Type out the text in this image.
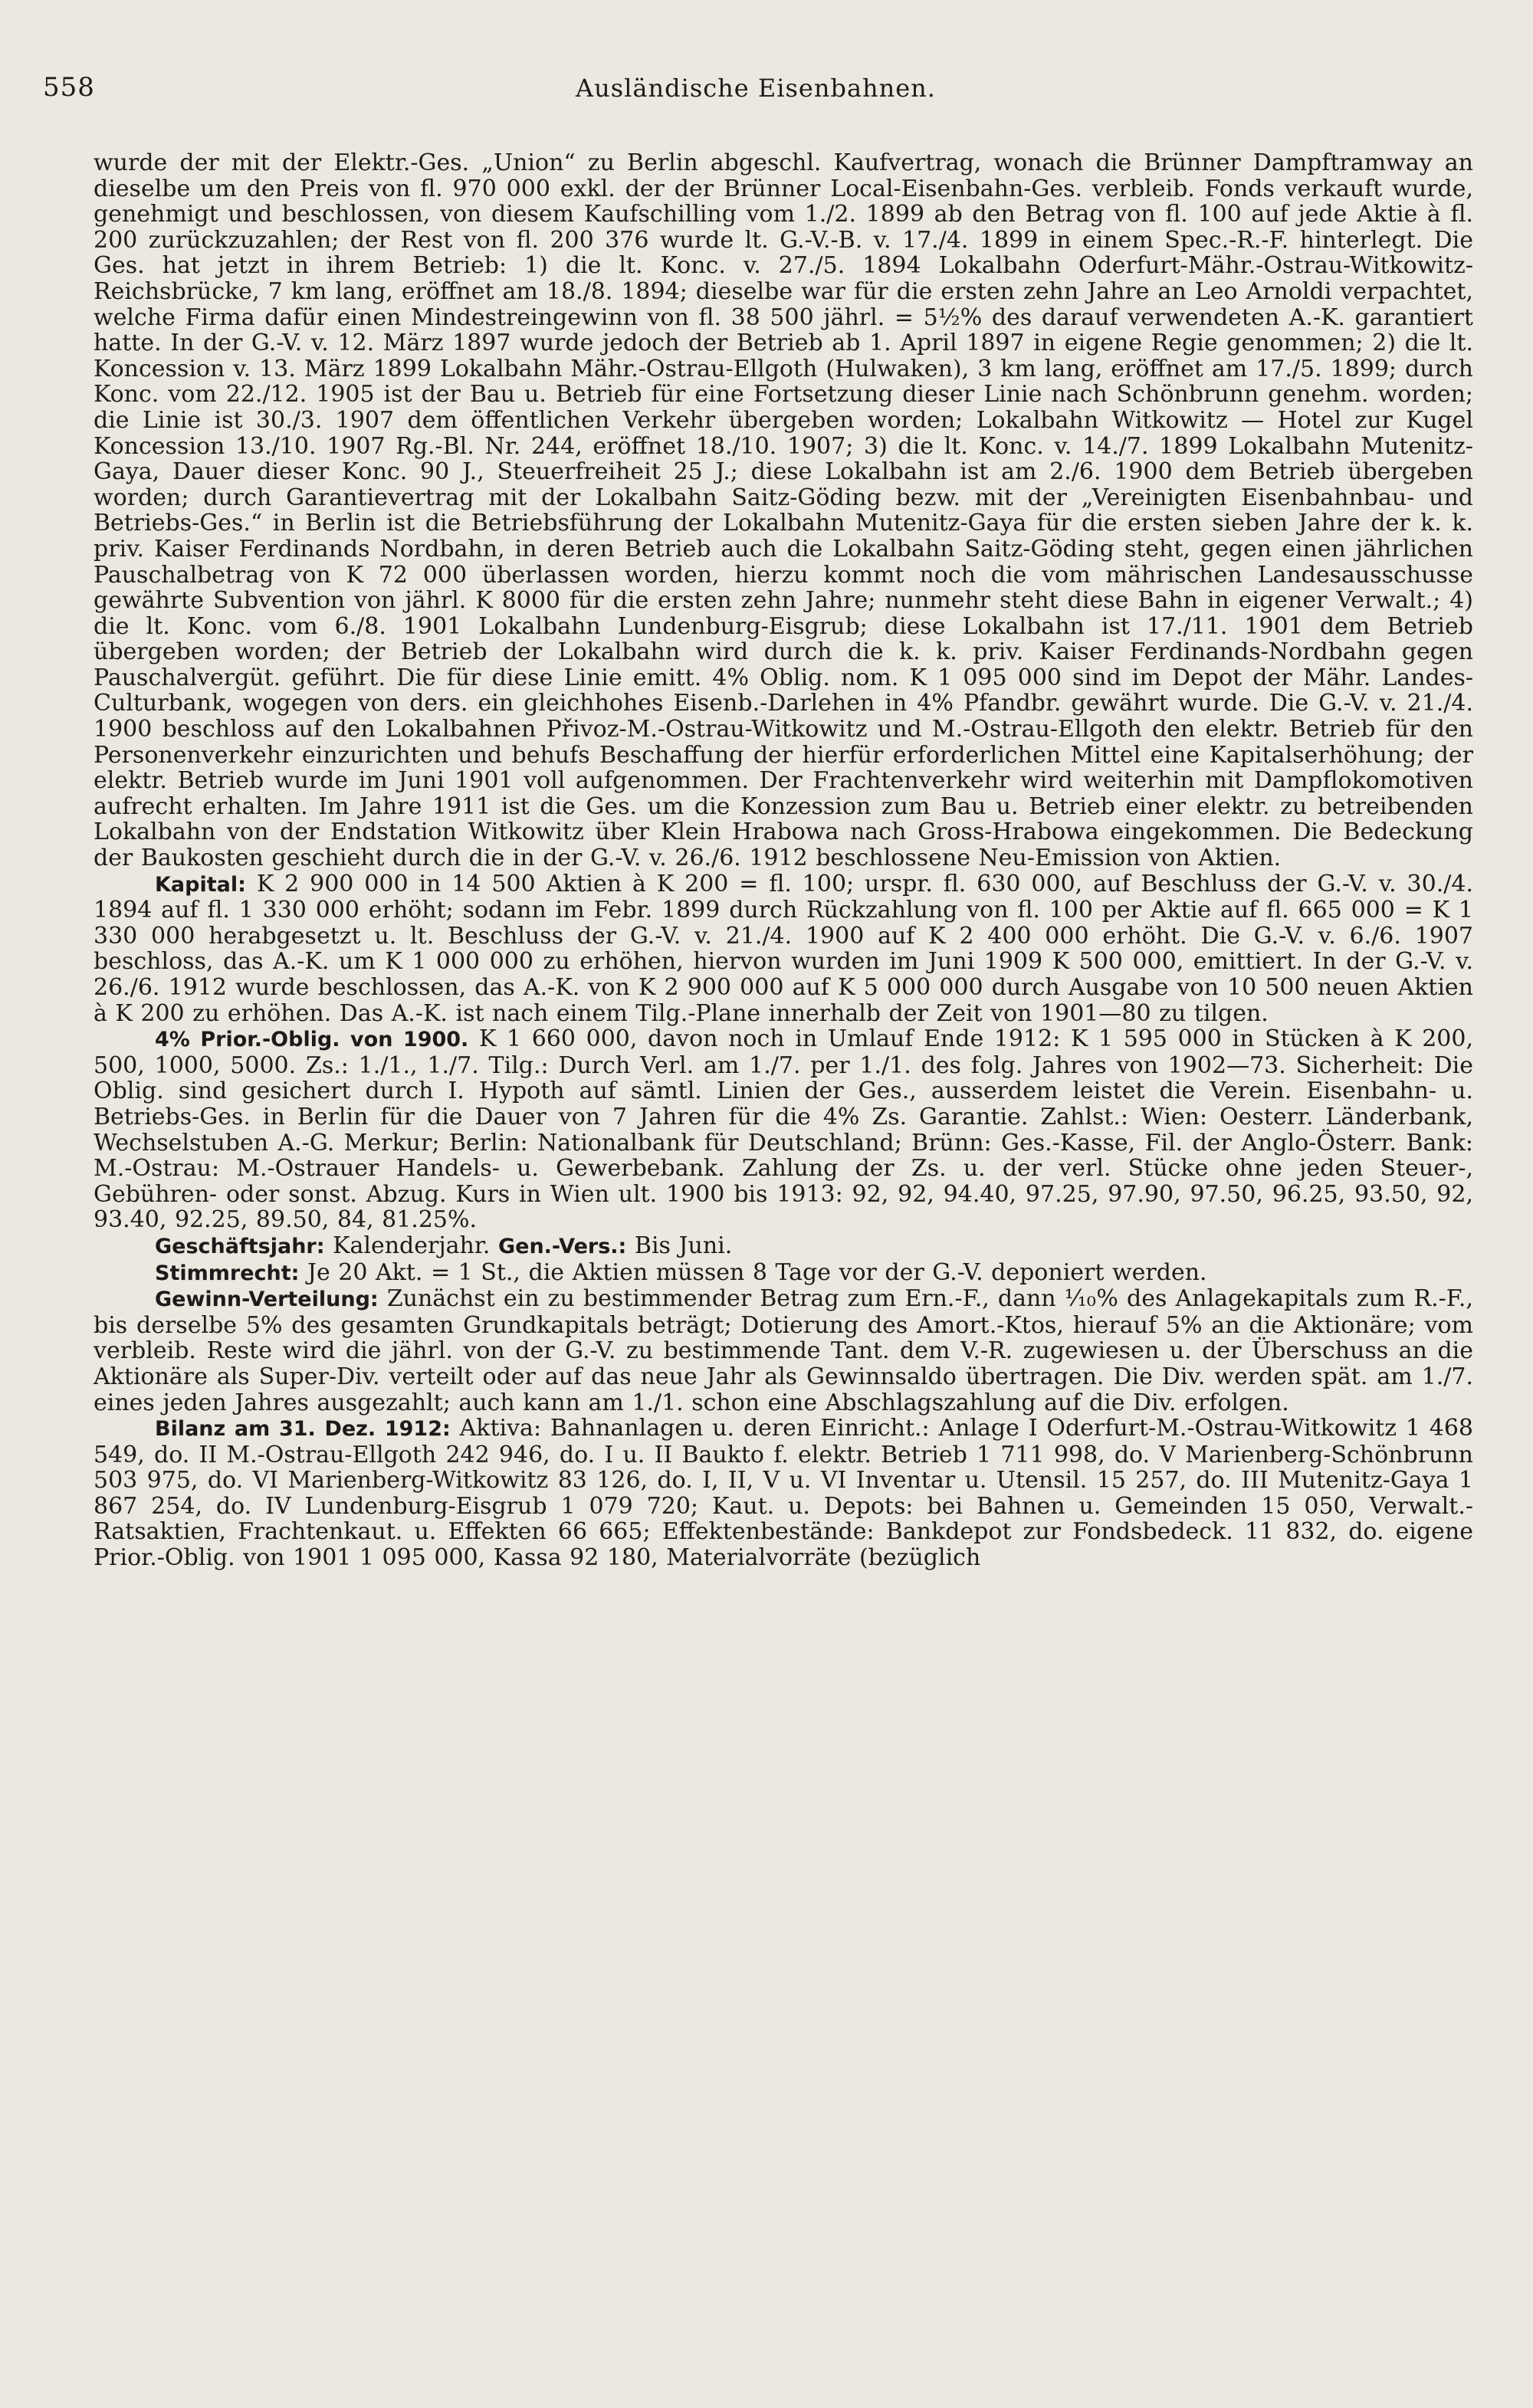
558	Ausländische Eisenbahnen.

wurde der mit der Elektr.-Ges. „Union“ zu Berlin abgeschl. Kaufvertrag, wonach die Brünner Dampftramway an dieselbe um den Preis von fl. 970 000 exkl. der der Brünner Local-Eisenbahn-Ges. verbleib. Fonds verkauft wurde, genehmigt und beschlossen, von diesem Kaufschilling vom 1./2. 1899 ab den Betrag von fl. 100 auf jede Aktie à fl. 200 zurückzuzahlen; der Rest von fl. 200 376 wurde lt. G.-V.-B. v. 17./4. 1899 in einem Spec.-R.-F. hinterlegt. Die Ges. hat jetzt in ihrem Betrieb: 1) die lt. Konc. v. 27./5. 1894 Lokalbahn Oderfurt-Mähr.-Ostrau-Witkowitz-Reichsbrücke, 7 km lang, eröffnet am 18./8. 1894; dieselbe war für die ersten zehn Jahre an Leo Arnoldi verpachtet, welche Firma dafür einen Mindestreingewinn von fl. 38 500 jährl. = 5½% des darauf verwendeten A.-K. garantiert hatte. In der G.-V. v. 12. März 1897 wurde jedoch der Betrieb ab 1. April 1897 in eigene Regie genommen; 2) die lt. Koncession v. 13. März 1899 Lokalbahn Mähr.-Ostrau-Ellgoth (Hulwaken), 3 km lang, eröffnet am 17./5. 1899; durch Konc. vom 22./12. 1905 ist der Bau u. Betrieb für eine Fortsetzung dieser Linie nach Schönbrunn genehm. worden; die Linie ist 30./3. 1907 dem öffentlichen Verkehr übergeben worden; Lokalbahn Witkowitz — Hotel zur Kugel Koncession 13./10. 1907 Rg.-Bl. Nr. 244, eröffnet 18./10. 1907; 3) die lt. Konc. v. 14./7. 1899 Lokalbahn Mutenitz-Gaya, Dauer dieser Konc. 90 J., Steuerfreiheit 25 J.; diese Lokalbahn ist am 2./6. 1900 dem Betrieb übergeben worden; durch Garantievertrag mit der Lokalbahn Saitz-Göding bezw. mit der „Vereinigten Eisenbahnbau- und Betriebs-Ges.“ in Berlin ist die Betriebsführung der Lokalbahn Mutenitz-Gaya für die ersten sieben Jahre der k. k. priv. Kaiser Ferdinands Nordbahn, in deren Betrieb auch die Lokalbahn Saitz-Göding steht, gegen einen jährlichen Pauschalbetrag von K 72 000 überlassen worden, hierzu kommt noch die vom mährischen Landesausschusse gewährte Subvention von jährl. K 8000 für die ersten zehn Jahre; nunmehr steht diese Bahn in eigener Verwalt.; 4) die lt. Konc. vom 6./8. 1901 Lokalbahn Lundenburg-Eisgrub; diese Lokalbahn ist 17./11. 1901 dem Betrieb übergeben worden; der Betrieb der Lokalbahn wird durch die k. k. priv. Kaiser Ferdinands-Nordbahn gegen Pauschalvergüt. geführt. Die für diese Linie emitt. 4% Oblig. nom. K 1 095 000 sind im Depot der Mähr. Landes-Culturbank, wogegen von ders. ein gleichhohes Eisenb.-Darlehen in 4% Pfandbr. gewährt wurde. Die G.-V. v. 21./4. 1900 beschloss auf den Lokalbahnen Přivoz-M.-Ostrau-Witkowitz und M.-Ostrau-Ellgoth den elektr. Betrieb für den Personenverkehr einzurichten und behufs Beschaffung der hierfür erforderlichen Mittel eine Kapitalserhöhung; der elektr. Betrieb wurde im Juni 1901 voll aufgenommen. Der Frachtenverkehr wird weiterhin mit Dampflokomotiven aufrecht erhalten. Im Jahre 1911 ist die Ges. um die Konzession zum Bau u. Betrieb einer elektr. zu betreibenden Lokalbahn von der Endstation Witkowitz über Klein Hrabowa nach Gross-Hrabowa eingekommen. Die Bedeckung der Baukosten geschieht durch die in der G.-V. v. 26./6. 1912 beschlossene Neu-Emission von Aktien.

Kapital: K 2 900 000 in 14 500 Aktien à K 200 = fl. 100; urspr. fl. 630 000, auf Beschluss der G.-V. v. 30./4. 1894 auf fl. 1 330 000 erhöht; sodann im Febr. 1899 durch Rückzahlung von fl. 100 per Aktie auf fl. 665 000 = K 1 330 000 herabgesetzt u. lt. Beschluss der G.-V. v. 21./4. 1900 auf K 2 400 000 erhöht. Die G.-V. v. 6./6. 1907 beschloss, das A.-K. um K 1 000 000 zu erhöhen, hiervon wurden im Juni 1909 K 500 000, emittiert. In der G.-V. v. 26./6. 1912 wurde beschlossen, das A.-K. von K 2 900 000 auf K 5 000 000 durch Ausgabe von 10 500 neuen Aktien à K 200 zu erhöhen. Das A.-K. ist nach einem Tilg.-Plane innerhalb der Zeit von 1901—80 zu tilgen.

4% Prior.-Oblig. von 1900. K 1 660 000, davon noch in Umlauf Ende 1912: K 1 595 000 in Stücken à K 200, 500, 1000, 5000. Zs.: 1./1., 1./7. Tilg.: Durch Verl. am 1./7. per 1./1. des folg. Jahres von 1902—73. Sicherheit: Die Oblig. sind gesichert durch I. Hypoth auf sämtl. Linien der Ges., ausserdem leistet die Verein. Eisenbahn- u. Betriebs-Ges. in Berlin für die Dauer von 7 Jahren für die 4% Zs. Garantie. Zahlst.: Wien: Oesterr. Länderbank, Wechselstuben A.-G. Merkur; Berlin: Nationalbank für Deutschland; Brünn: Ges.-Kasse, Fil. der Anglo-Österr. Bank: M.-Ostrau: M.-Ostrauer Handels- u. Gewerbebank. Zahlung der Zs. u. der verl. Stücke ohne jeden Steuer-, Gebühren- oder sonst. Abzug. Kurs in Wien ult. 1900 bis 1913: 92, 92, 94.40, 97.25, 97.90, 97.50, 96.25, 93.50, 92, 93.40, 92.25, 89.50, 84, 81.25%.

Geschäftsjahr: Kalenderjahr. Gen.-Vers.: Bis Juni.

Stimmrecht: Je 20 Akt. = 1 St., die Aktien müssen 8 Tage vor der G.-V. deponiert werden.

Gewinn-Verteilung: Zunächst ein zu bestimmender Betrag zum Ern.-F., dann ⅒% des Anlagekapitals zum R.-F., bis derselbe 5% des gesamten Grundkapitals beträgt; Dotierung des Amort.-Ktos, hierauf 5% an die Aktionäre; vom verbleib. Reste wird die jährl. von der G.-V. zu bestimmende Tant. dem V.-R. zugewiesen u. der Überschuss an die Aktionäre als Super-Div. verteilt oder auf das neue Jahr als Gewinnsaldo übertragen. Die Div. werden spät. am 1./7. eines jeden Jahres ausgezahlt; auch kann am 1./1. schon eine Abschlagszahlung auf die Div. erfolgen.

Bilanz am 31. Dez. 1912: Aktiva: Bahnanlagen u. deren Einricht.: Anlage I Oderfurt-M.-Ostrau-Witkowitz 1 468 549, do. II M.-Ostrau-Ellgoth 242 946, do. I u. II Baukto f. elektr. Betrieb 1 711 998, do. V Marienberg-Schönbrunn 503 975, do. VI Marienberg-Witkowitz 83 126, do. I, II, V u. VI Inventar u. Utensil. 15 257, do. III Mutenitz-Gaya 1 867 254, do. IV Lundenburg-Eisgrub 1 079 720; Kaut. u. Depots: bei Bahnen u. Gemeinden 15 050, Verwalt.-Ratsaktien, Frachtenkaut. u. Effekten 66 665; Effektenbestände: Bankdepot zur Fondsbedeck. 11 832, do. eigene Prior.-Oblig. von 1901 1 095 000, Kassa 92 180, Materialvorräte (bezüglich
